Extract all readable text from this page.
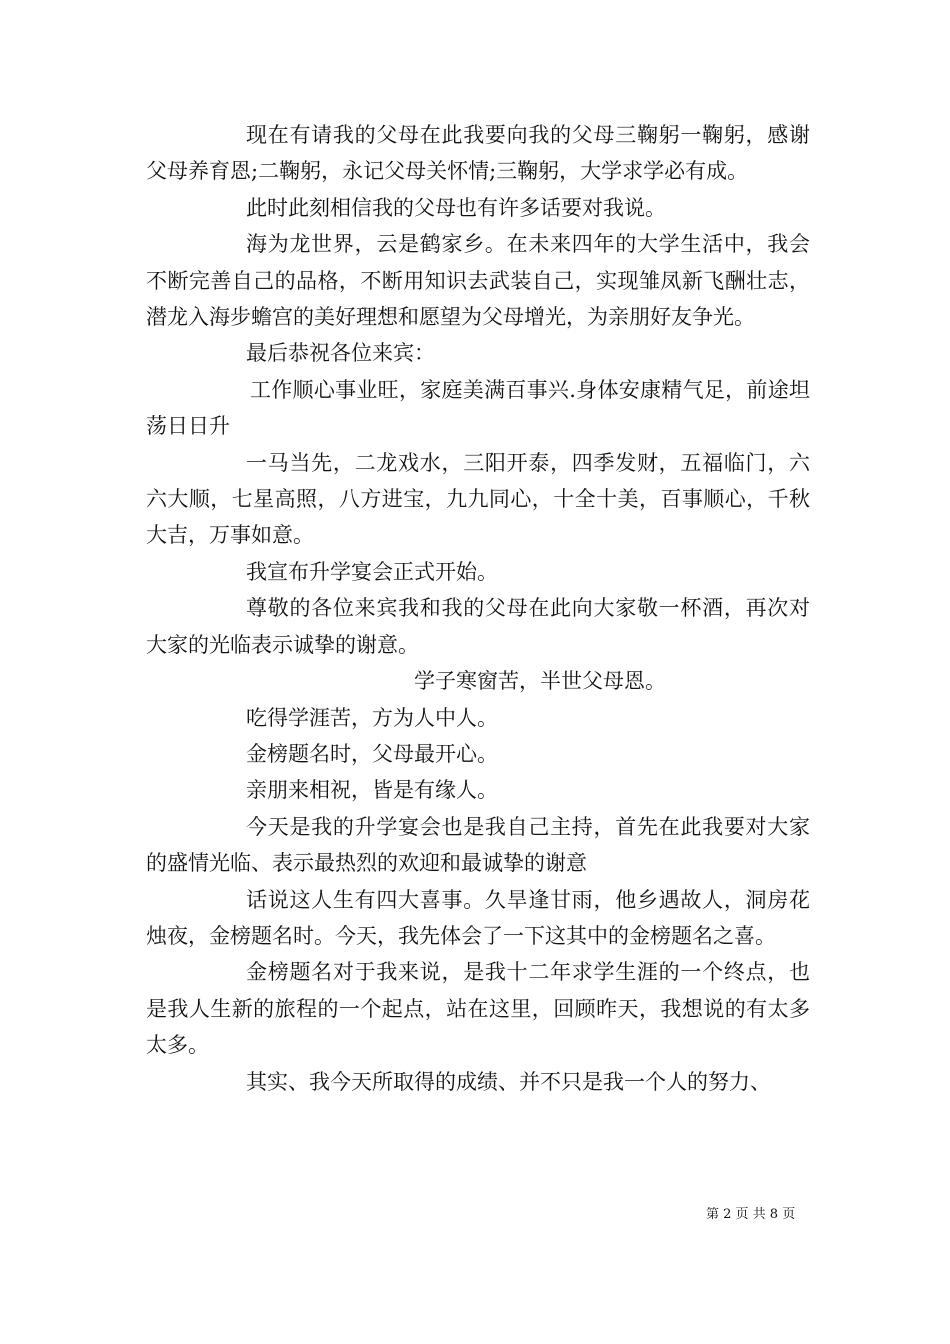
现在有请我的父母在此我要向我的父母三鞠躬一鞠躬，感谢父母养育恩;二鞠躬，永记父母关怀情;三鞠躬，大学求学必有成。

此时此刻相信我的父母也有许多话要对我说。

海为龙世界，云是鹤家乡。在未来四年的大学生活中，我会不断完善自己的品格，不断用知识去武装自己，实现雏凤新飞酬壮志，潜龙入海步蟾宫的美好理想和愿望为父母增光，为亲朋好友争光。

最后恭祝各位来宾：

工作顺心事业旺，家庭美满百事兴.身体安康精气足，前途坦荡日日升

一马当先，二龙戏水，三阳开泰，四季发财，五福临门，六六大顺，七星高照，八方进宝，九九同心，十全十美，百事顺心，千秋大吉，万事如意。

我宣布升学宴会正式开始。

尊敬的各位来宾我和我的父母在此向大家敬一杯酒，再次对大家的光临表示诚挚的谢意。

学子寒窗苦，半世父母恩。

吃得学涯苦，方为人中人。

金榜题名时，父母最开心。

亲朋来相祝，皆是有缘人。

今天是我的升学宴会也是我自己主持，首先在此我要对大家的盛情光临、表示最热烈的欢迎和最诚挚的谢意

话说这人生有四大喜事。久旱逢甘雨，他乡遇故人，洞房花烛夜，金榜题名时。今天，我先体会了一下这其中的金榜题名之喜。

金榜题名对于我来说，是我十二年求学生涯的一个终点，也是我人生新的旅程的一个起点，站在这里，回顾昨天，我想说的有太多太多。

其实、我今天所取得的成绩、并不只是我一个人的努力、

第 2 页 共 8 页
